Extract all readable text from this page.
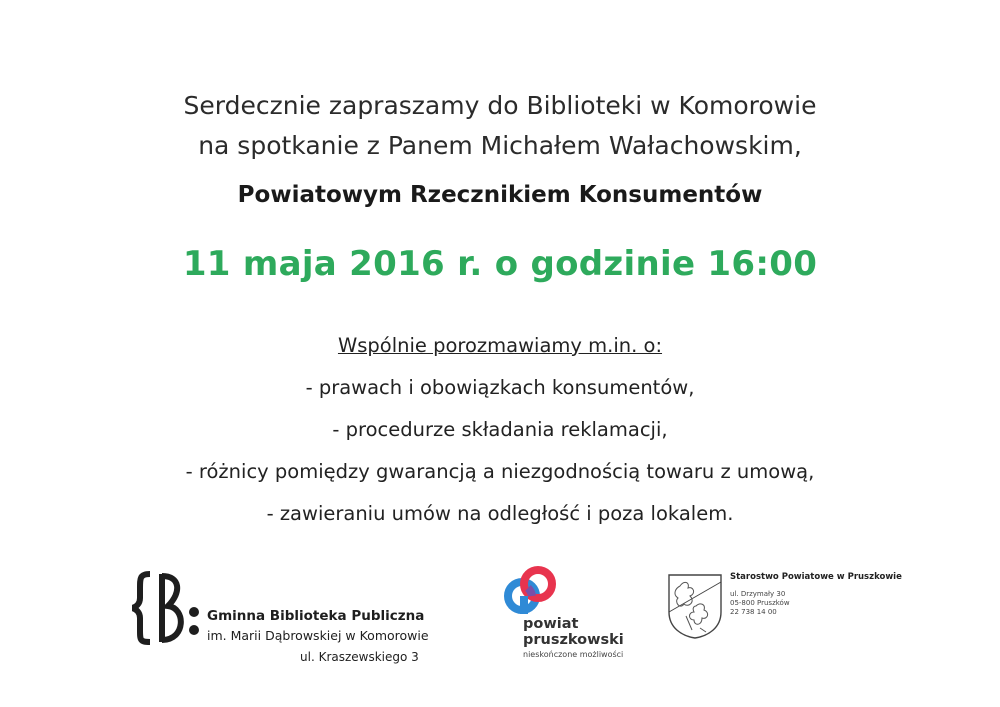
Serdecznie zapraszamy do Biblioteki w Komorowie
na spotkanie z Panem Michałem Wałachowskim,
Powiatowym Rzecznikiem Konsumentów
11 maja 2016 r. o godzinie 16:00
Wspólnie porozmawiamy m.in. o:
- prawach i obowiązkach konsumentów,
- procedurze składania reklamacji,
- różnicy pomiędzy gwarancją a niezgodnością towaru z umową,
- zawieraniu umów na odległość i poza lokalem.
Gminna Biblioteka Publiczna
im. Marii Dąbrowskiej w Komorowie
ul. Kraszewskiego 3
powiat
pruszkowski
nieskończone możliwości
Starostwo Powiatowe w Pruszkowie
ul. Drzymały 30
05-800 Pruszków
22 738 14 00
